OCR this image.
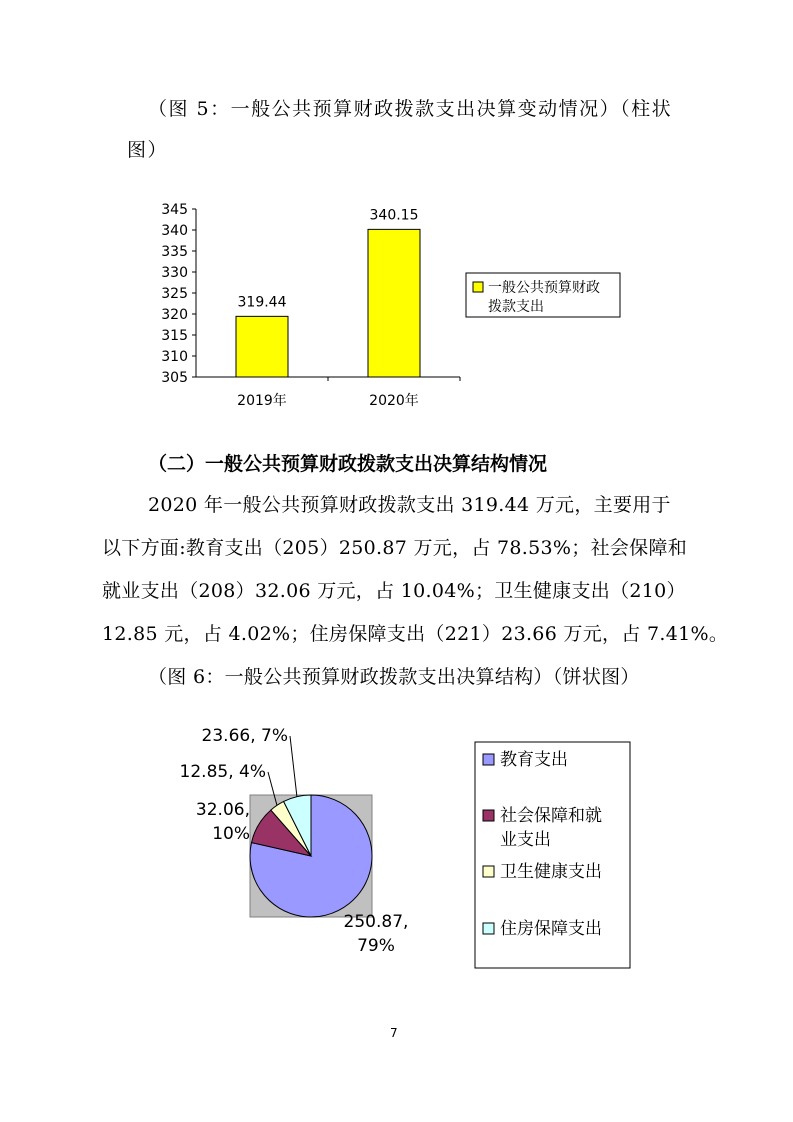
（图 5：一般公共预算财政拨款支出决算变动情况）（柱状
图）
305
310
315
320
325
330
335
340
345
319.44
2019年
340.15
2020年
一般公共预算财政
拨款支出
（二）一般公共预算财政拨款支出决算结构情况
2020 年一般公共预算财政拨款支出 319.44 万元，主要用于
以下方面:教育支出（205）250.87 万元，占 78.53%；社会保障和
就业支出（208）32.06 万元，占 10.04%；卫生健康支出（210）
12.85 元，占 4.02%；住房保障支出（221）23.66 万元，占 7.41%。
（图 6：一般公共预算财政拨款支出决算结构）（饼状图）
250.87,
79%
32.06,
10%
12.85, 4%
23.66, 7%
教育支出
社会保障和就
业支出
卫生健康支出
住房保障支出
7
